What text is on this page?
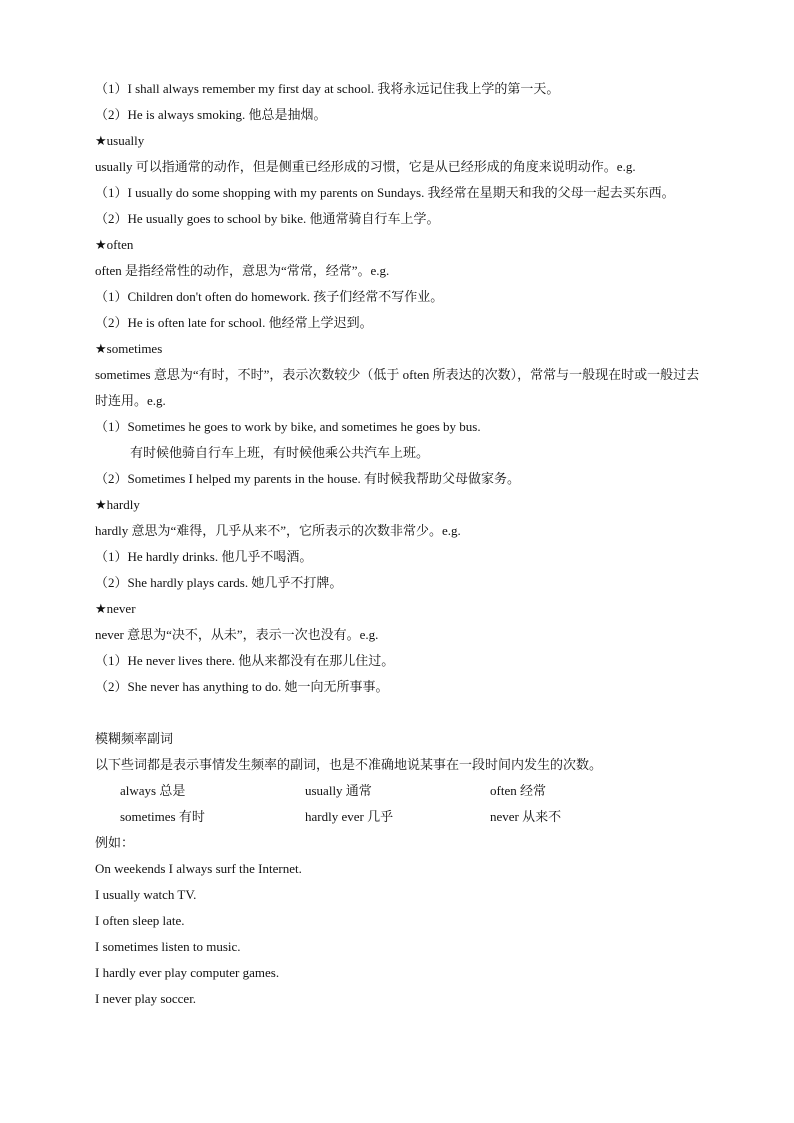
（1）I shall always remember my first day at school. 我将永远记住我上学的第一天。
（2）He is always smoking. 他总是抽烟。
★usually
usually 可以指通常的动作，但是侧重已经形成的习惯，它是从已经形成的角度来说明动作。e.g.
（1）I usually do some shopping with my parents on Sundays. 我经常在星期天和我的父母一起去买东西。
（2）He usually goes to school by bike. 他通常骑自行车上学。
★often
often 是指经常性的动作，意思为“常常，经常”。e.g.
（1）Children don't often do homework. 孩子们经常不写作业。
（2）He is often late for school. 他经常上学迟到。
★sometimes
sometimes 意思为“有时，不时”，表示次数较少（低于 often 所表达的次数），常常与一般现在时或一般过去时连用。e.g.
（1）Sometimes he goes to work by bike, and sometimes he goes by bus.
有时候他骑自行车上班，有时候他乘公共汽车上班。
（2）Sometimes I helped my parents in the house. 有时候我帮助父母做家务。
★hardly
hardly 意思为“难得，几乎从来不”，它所表示的次数非常少。e.g.
（1）He hardly drinks. 他几乎不喝酒。
（2）She hardly plays cards. 她几乎不打牌。
★never
never 意思为“决不，从未”，表示一次也没有。e.g.
（1）He never lives there. 他从来都没有在那儿住过。
（2）She never has anything to do. 她一向无所事事。
模糊频率副词
以下些词都是表示事情发生频率的副词，也是不准确地说某事在一段时间内发生的次数。
always 总是	usually 通常	often 经常
sometimes 有时	hardly ever 几乎	never 从来不
例如：
On weekends I always surf the Internet.
I usually watch TV.
I often sleep late.
I sometimes listen to music.
I hardly ever play computer games.
I never play soccer.
